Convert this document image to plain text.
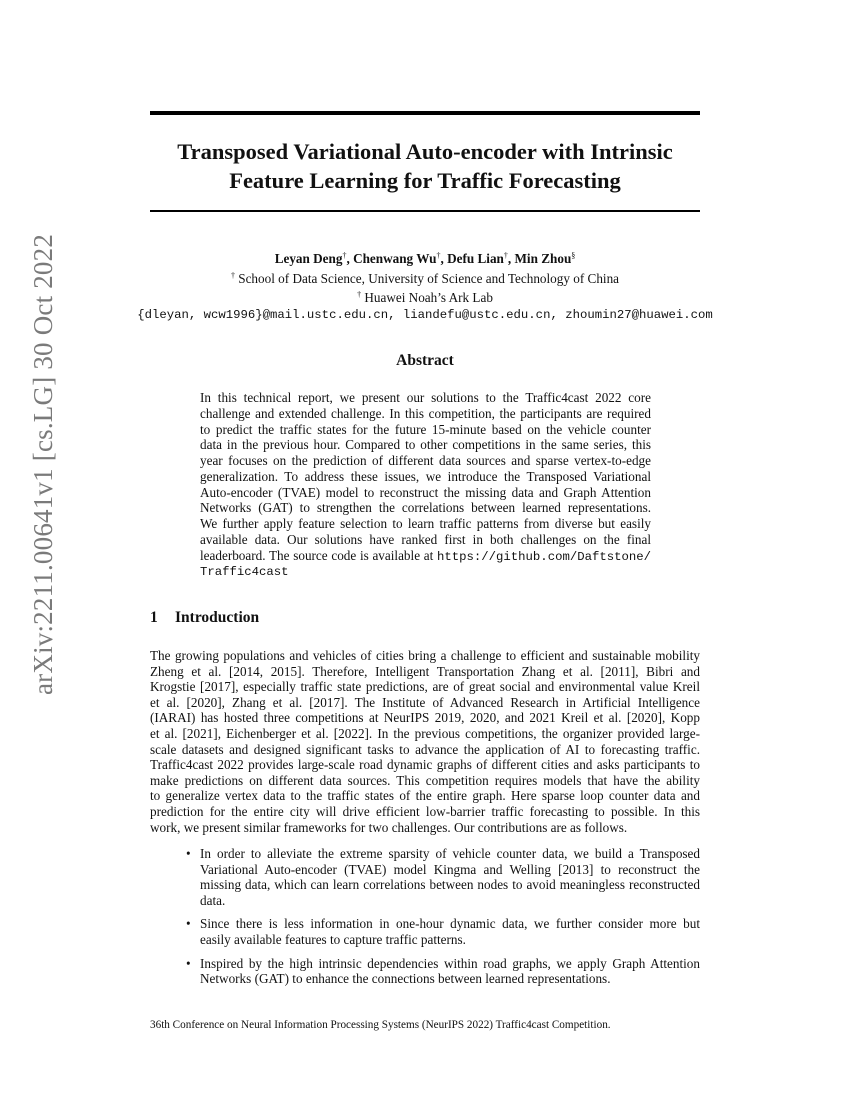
arXiv:2211.00641v1 [cs.LG] 30 Oct 2022
Transposed Variational Auto-encoder with Intrinsic
Feature Learning for Traffic Forecasting
Leyan Deng†, Chenwang Wu†, Defu Lian†, Min Zhou§
† School of Data Science, University of Science and Technology of China
† Huawei Noah’s Ark Lab
{dleyan, wcw1996}@mail.ustc.edu.cn, liandefu@ustc.edu.cn, zhoumin27@huawei.com
Abstract
In this technical report, we present our solutions to the Traffic4cast 2022 core
challenge and extended challenge. In this competition, the participants are required
to predict the traffic states for the future 15-minute based on the vehicle counter
data in the previous hour. Compared to other competitions in the same series, this
year focuses on the prediction of different data sources and sparse vertex-to-edge
generalization. To address these issues, we introduce the Transposed Variational
Auto-encoder (TVAE) model to reconstruct the missing data and Graph Attention
Networks (GAT) to strengthen the correlations between learned representations.
We further apply feature selection to learn traffic patterns from diverse but easily
available data. Our solutions have ranked first in both challenges on the final
leaderboard. The source code is available at https://github.com/Daftstone/
Traffic4cast
1 Introduction
The growing populations and vehicles of cities bring a challenge to efficient and sustainable mobility
Zheng et al. [2014, 2015]. Therefore, Intelligent Transportation Zhang et al. [2011], Bibri and
Krogstie [2017], especially traffic state predictions, are of great social and environmental value Kreil
et al. [2020], Zhang et al. [2017]. The Institute of Advanced Research in Artificial Intelligence
(IARAI) has hosted three competitions at NeurIPS 2019, 2020, and 2021 Kreil et al. [2020], Kopp
et al. [2021], Eichenberger et al. [2022]. In the previous competitions, the organizer provided large-
scale datasets and designed significant tasks to advance the application of AI to forecasting traffic.
Traffic4cast 2022 provides large-scale road dynamic graphs of different cities and asks participants to
make predictions on different data sources. This competition requires models that have the ability
to generalize vertex data to the traffic states of the entire graph. Here sparse loop counter data and
prediction for the entire city will drive efficient low-barrier traffic forecasting to possible. In this
work, we present similar frameworks for two challenges. Our contributions are as follows.
• In order to alleviate the extreme sparsity of vehicle counter data, we build a Transposed
Variational Auto-encoder (TVAE) model Kingma and Welling [2013] to reconstruct the
missing data, which can learn correlations between nodes to avoid meaningless reconstructed
data.
• Since there is less information in one-hour dynamic data, we further consider more but
easily available features to capture traffic patterns.
• Inspired by the high intrinsic dependencies within road graphs, we apply Graph Attention
Networks (GAT) to enhance the connections between learned representations.
36th Conference on Neural Information Processing Systems (NeurIPS 2022) Traffic4cast Competition.
